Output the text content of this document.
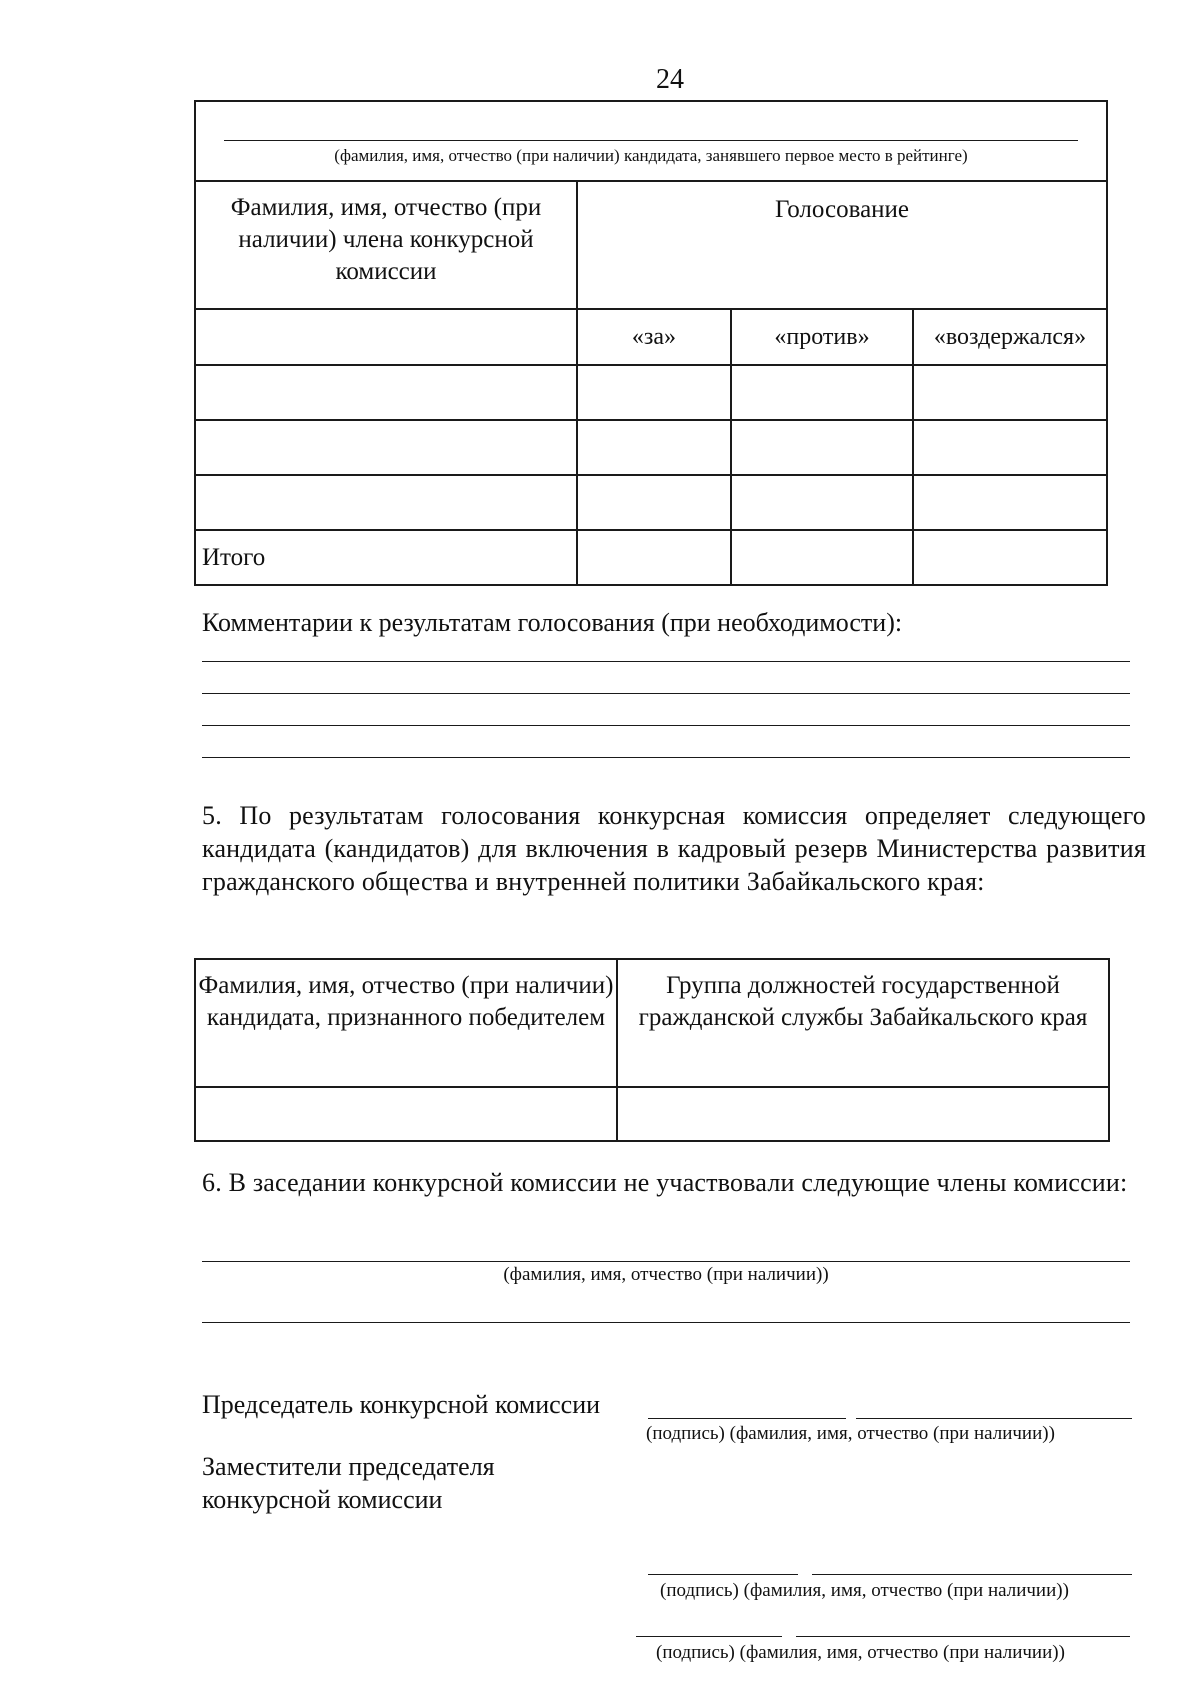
24
(фамилия, имя, отчество (при наличии) кандидата, занявшего первое место в рейтинге)			

Фамилия, имя, отчество (при наличии) члена конкурсной комиссии	Голосование		
	«за»	«против»	«воздержался»

Итого			
Комментарии к результатам голосования (при необходимости):
5. По результатам голосования конкурсная комиссия определяет следующего кандидата (кандидатов) для включения в кадровый резерв Министерства развития гражданского общества и внутренней политики Забайкальского края:
Фамилия, имя, отчество (при наличии) кандидата, признанного победителем	Группа должностей государственной гражданской службы Забайкальского края

6. В заседании конкурсной комиссии не участвовали следующие члены комиссии:
(фамилия, имя, отчество (при наличии))
Председатель конкурсной комиссии
(подпись) (фамилия, имя, отчество (при наличии))
Заместители председателя конкурсной комиссии
(подпись) (фамилия, имя, отчество (при наличии))
(подпись) (фамилия, имя, отчество (при наличии))
